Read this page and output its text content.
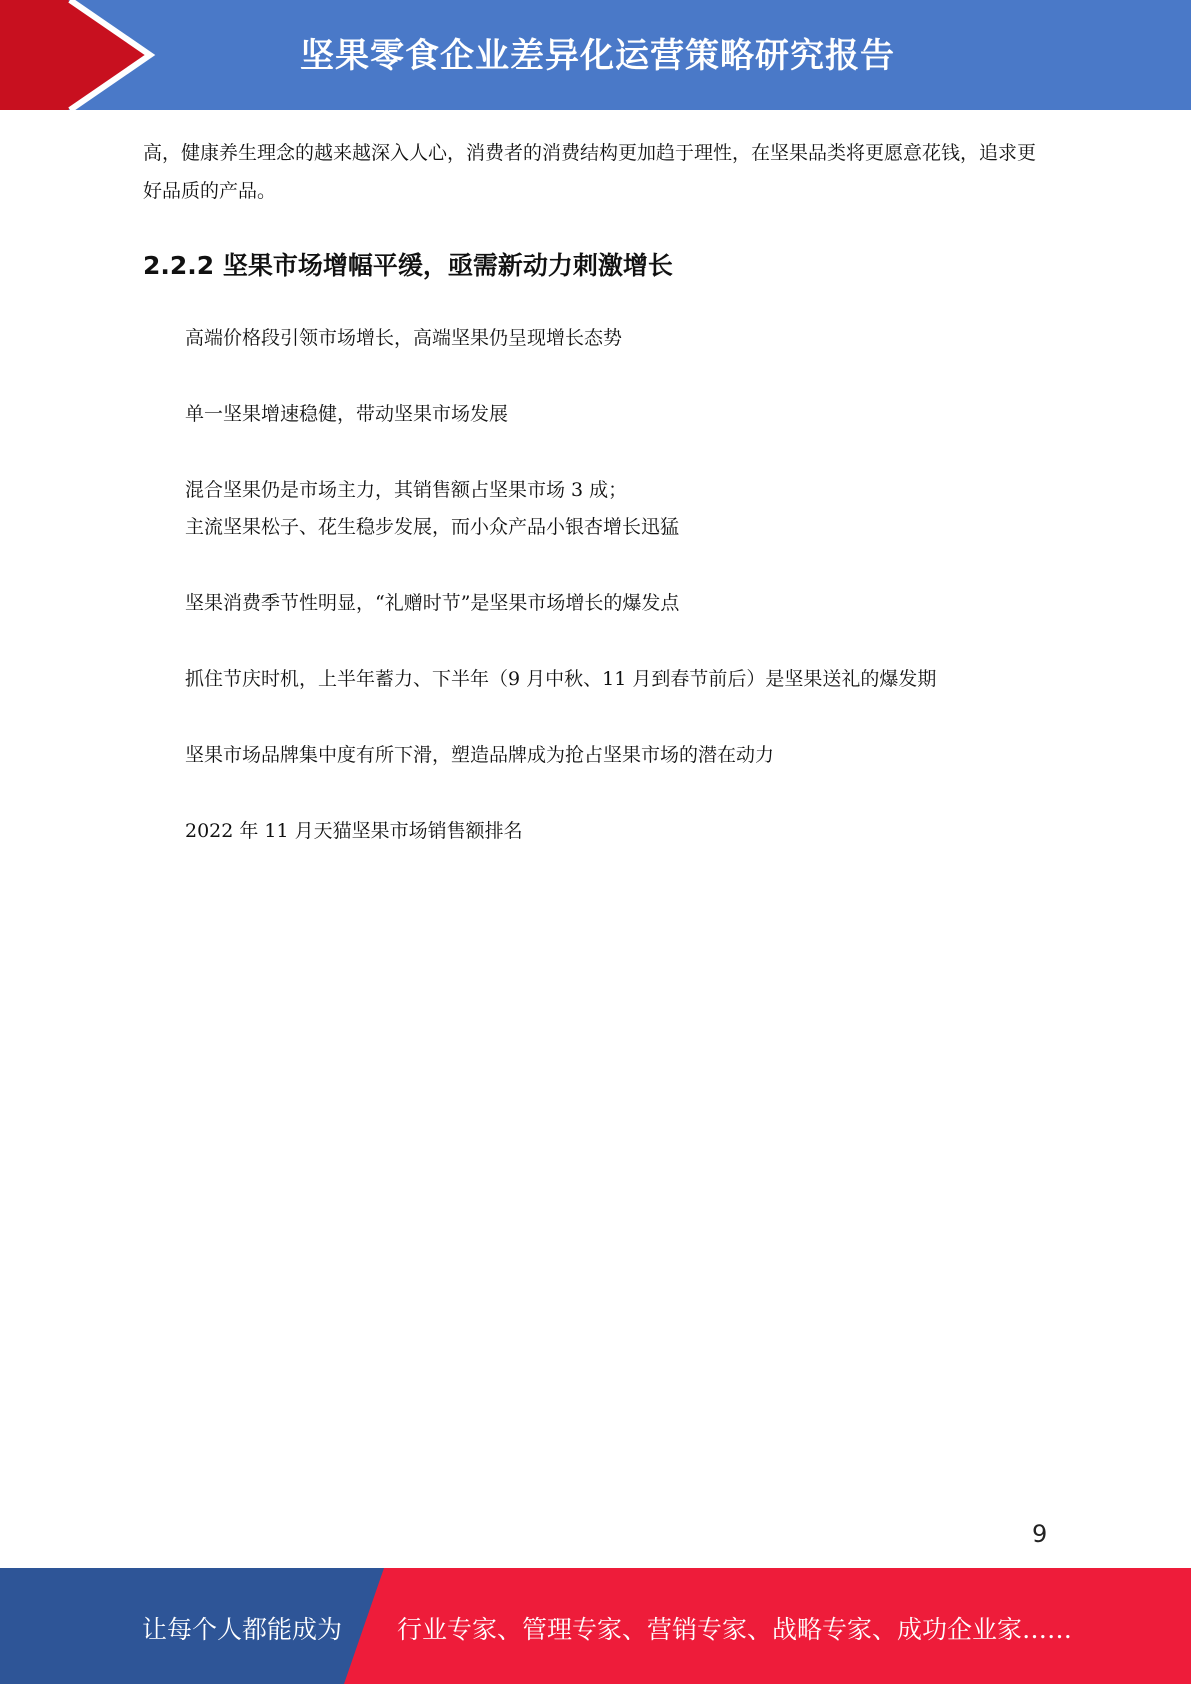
坚果零食企业差异化运营策略研究报告

高，健康养生理念的越来越深入人心，消费者的消费结构更加趋于理性，在坚果品类将更愿意花钱，追求更好品质的产品。

2.2.2 坚果市场增幅平缓，亟需新动力刺激增长

高端价格段引领市场增长，高端坚果仍呈现增长态势

单一坚果增速稳健，带动坚果市场发展

混合坚果仍是市场主力，其销售额占坚果市场 3 成；
主流坚果松子、花生稳步发展，而小众产品小银杏增长迅猛

坚果消费季节性明显，“礼赠时节”是坚果市场增长的爆发点

抓住节庆时机，上半年蓄力、下半年（9 月中秋、11 月到春节前后）是坚果送礼的爆发期

坚果市场品牌集中度有所下滑，塑造品牌成为抢占坚果市场的潜在动力

2022 年 11 月天猫坚果市场销售额排名

9
让每个人都能成为 行业专家、管理专家、营销专家、战略专家、成功企业家……
